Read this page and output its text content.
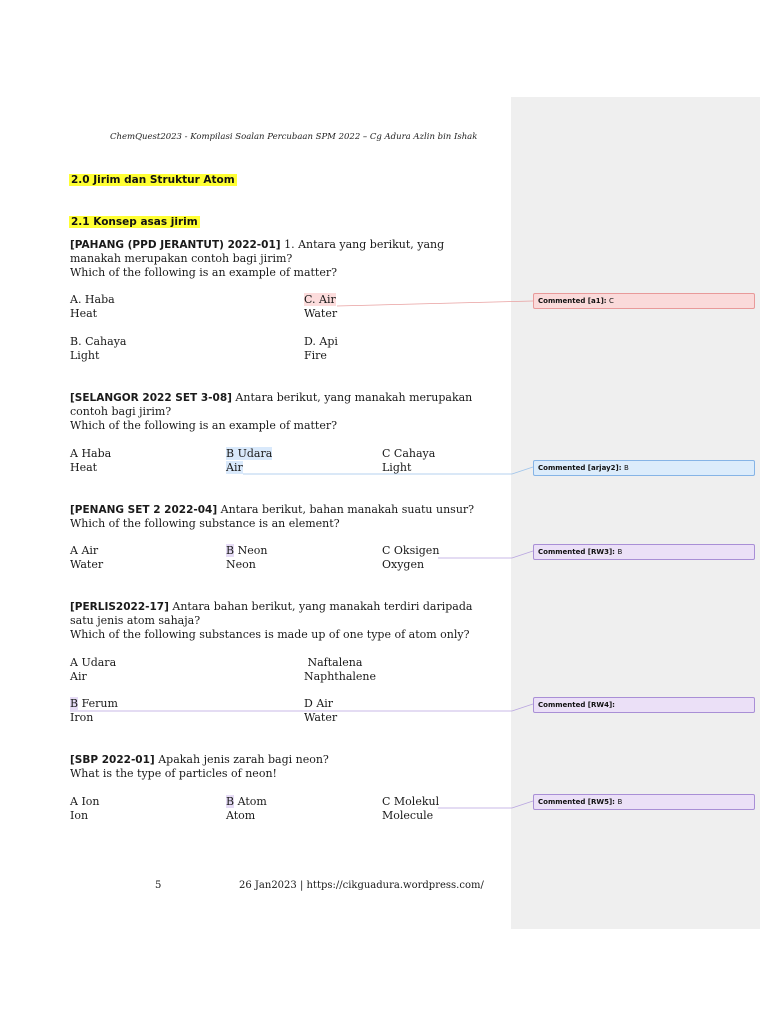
ChemQuest2023 - Kompilasi Soalan Percubaan SPM 2022 – Cg Adura Azlin bin Ishak
2.0 Jirim dan Struktur Atom
2.1 Konsep asas jirim
[PAHANG (PPD JERANTUT) 2022-01] 1. Antara yang berikut, yang
manakah merupakan contoh bagi jirim?
Which of the following is an example of matter?
A. Haba
Heat
C. Air
Water
B. Cahaya
Light
D. Api
Fire
[SELANGOR 2022 SET 3-08] Antara berikut, yang manakah merupakan
contoh bagi jirim?
Which of the following is an example of matter?
A Haba
Heat
B Udara
Air
C Cahaya
Light
[PENANG SET 2 2022-04] Antara berikut, bahan manakah suatu unsur?
Which of the following substance is an element?
A Air
Water
B Neon
Neon
C Oksigen
Oxygen
[PERLIS2022-17] Antara bahan berikut, yang manakah terdiri daripada
satu jenis atom sahaja?
Which of the following substances is made up of one type of atom only?
A Udara
Air
Naftalena
Naphthalene
B Ferum
Iron
D Air
Water
[SBP 2022-01] Apakah jenis zarah bagi neon?
What is the type of particles of neon!
A Ion
Ion
B Atom
Atom
C Molekul
Molecule
Commented [a1]: C
Commented [arjay2]: B
Commented [RW3]: B
Commented [RW4]:
Commented [RW5]: B
5	26 Jan2023 | https://cikguadura.wordpress.com/
